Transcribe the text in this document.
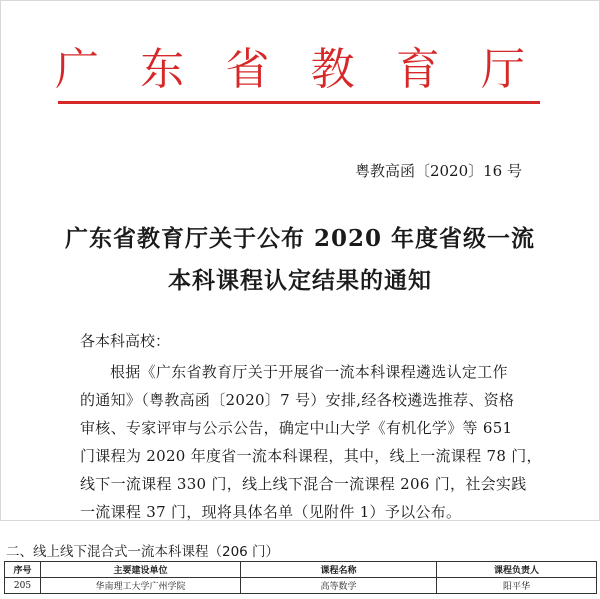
广 东 省 教 育 厅
粤教高函〔2020〕16 号
广东省教育厅关于公布 2020 年度省级一流
本科课程认定结果的通知
各本科高校：
根据《广东省教育厅关于开展省一流本科课程遴选认定工作
的通知》（粤教高函〔2020〕7 号）安排,经各校遴选推荐、资格
审核、专家评审与公示公告，确定中山大学《有机化学》等 651
门课程为 2020 年度省一流本科课程，其中，线上一流课程 78 门，
线下一流课程 330 门，线上线下混合一流课程 206 门，社会实践
一流课程 37 门，现将具体名单（见附件 1）予以公布。
二、线上线下混合式一流本科课程（206 门）
序号	主要建设单位	课程名称	课程负责人
205	华南理工大学广州学院	高等数学	阳平华
